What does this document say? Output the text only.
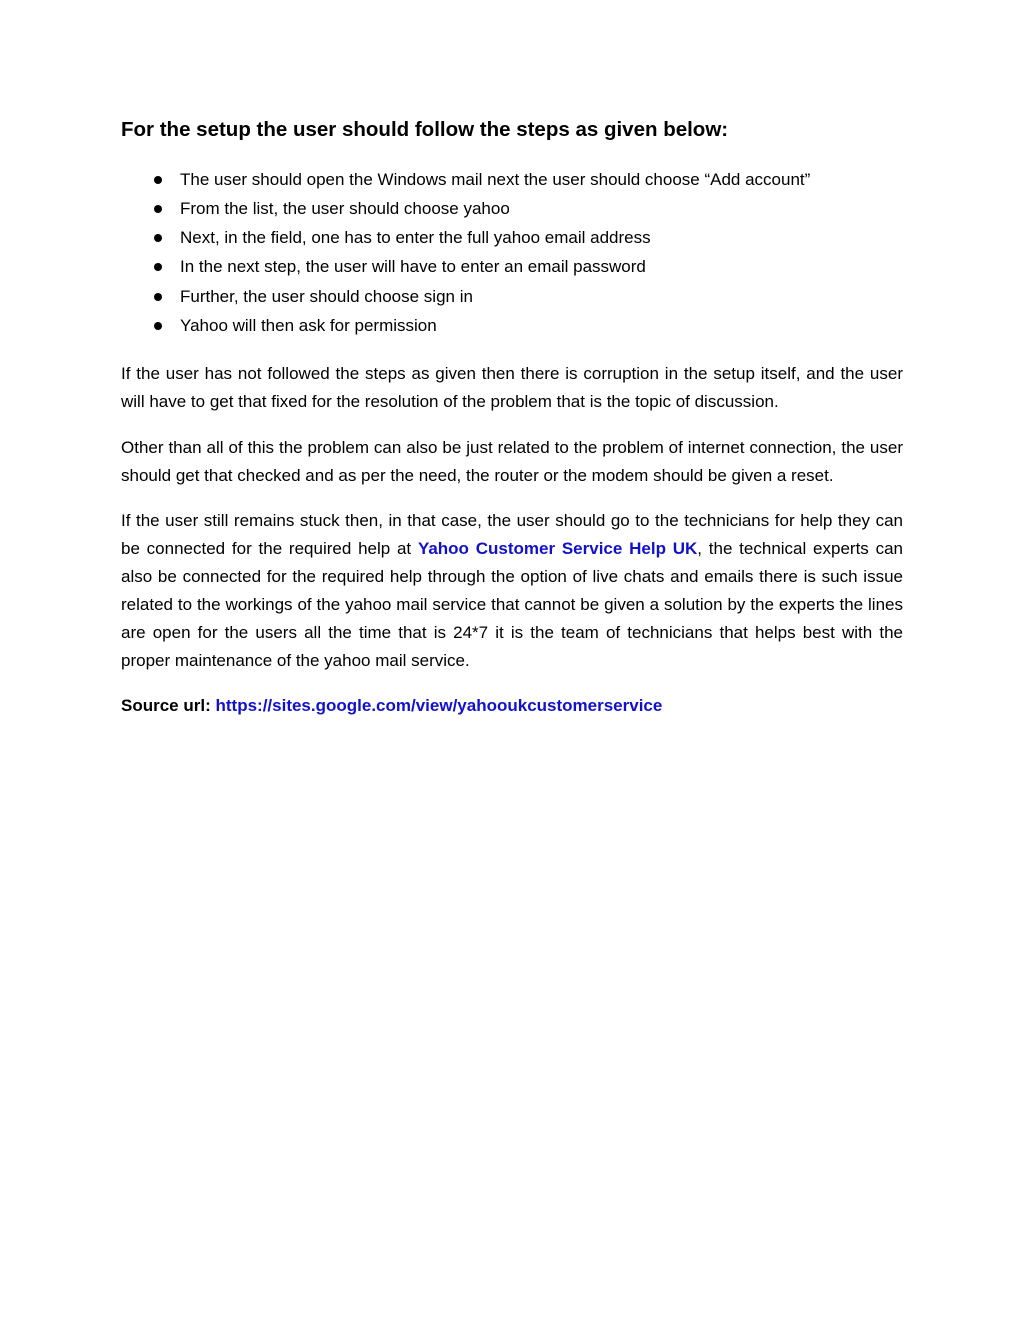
For the setup the user should follow the steps as given below:
The user should open the Windows mail next the user should choose “Add account”
From the list, the user should choose yahoo
Next, in the field, one has to enter the full yahoo email address
In the next step, the user will have to enter an email password
Further, the user should choose sign in
Yahoo will then ask for permission

If the user has not followed the steps as given then there is corruption in the setup itself, and the user will have to get that fixed for the resolution of the problem that is the topic of discussion.

Other than all of this the problem can also be just related to the problem of internet connection, the user should get that checked and as per the need, the router or the modem should be given a reset.

If the user still remains stuck then, in that case, the user should go to the technicians for help they can be connected for the required help at Yahoo Customer Service Help UK, the technical experts can also be connected for the required help through the option of live chats and emails there is such issue related to the workings of the yahoo mail service that cannot be given a solution by the experts the lines are open for the users all the time that is 24*7 it is the team of technicians that helps best with the proper maintenance of the yahoo mail service.

Source url: https://sites.google.com/view/yahooukcustomerservice
